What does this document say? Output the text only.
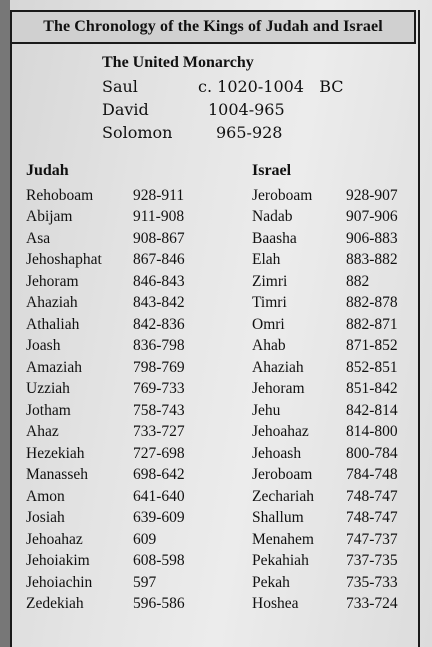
The Chronology of the Kings of Judah and Israel
The United Monarchy
Saul	c. 1020-1004   BC
David	1004-965
Solomon	965-928
Judah
Rehoboam	928-911
Abijam	911-908
Asa	908-867
Jehoshaphat	867-846
Jehoram	846-843
Ahaziah	843-842
Athaliah	842-836
Joash	836-798
Amaziah	798-769
Uzziah	769-733
Jotham	758-743
Ahaz	733-727
Hezekiah	727-698
Manasseh	698-642
Amon	641-640
Josiah	639-609
Jehoahaz	609
Jehoiakim	608-598
Jehoiachin	597
Zedekiah	596-586
Israel
Jeroboam	928-907
Nadab	907-906
Baasha	906-883
Elah	883-882
Zimri	882
Timri	882-878
Omri	882-871
Ahab	871-852
Ahaziah	852-851
Jehoram	851-842
Jehu	842-814
Jehoahaz	814-800
Jehoash	800-784
Jeroboam	784-748
Zechariah	748-747
Shallum	748-747
Menahem	747-737
Pekahiah	737-735
Pekah	735-733
Hoshea	733-724
